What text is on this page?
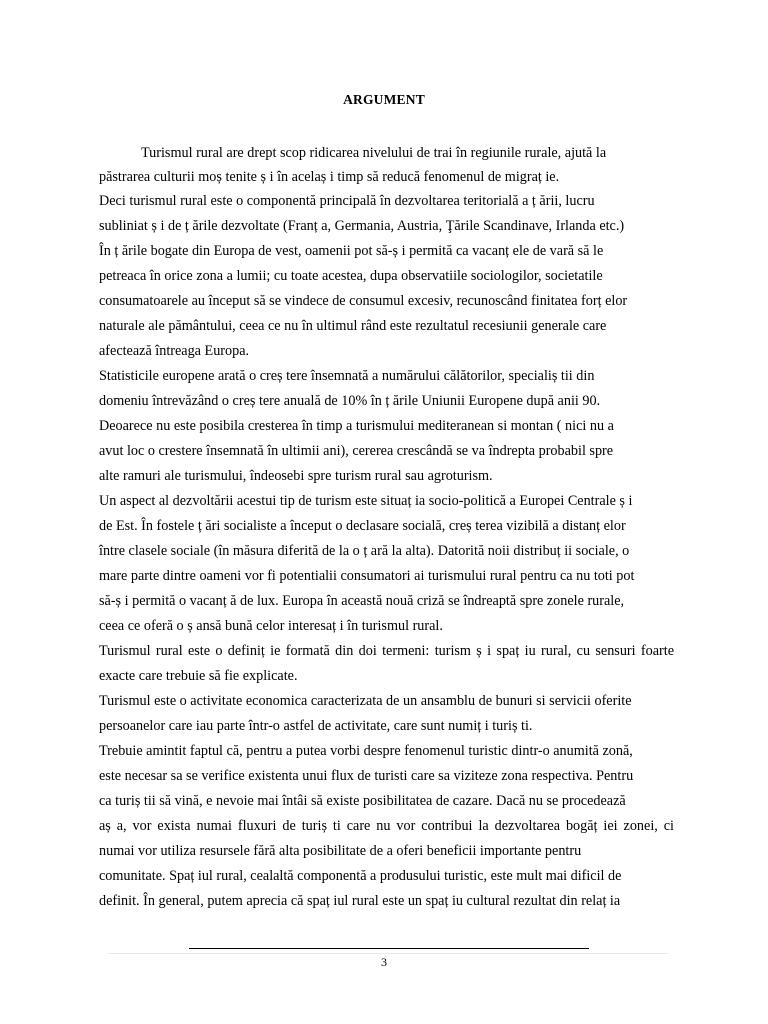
ARGUMENT
Turismul rural are drept scop ridicarea nivelului de trai în regiunile rurale, ajută la
păstrarea culturii moș tenite ș i în acelaș i timp să reducă fenomenul de migraț ie.
Deci turismul rural este o componentă principală în dezvoltarea teritorială a ț ării, lucru
subliniat ș i de ț ările dezvoltate (Franț a, Germania, Austria, Ţările Scandinave, Irlanda etc.)
În ț ările bogate din Europa de vest, oamenii pot să-ș i permită ca vacanț ele de vară să le
petreaca în orice zona a lumii; cu toate acestea, dupa observatiile sociologilor, societatile
consumatoarele au început să se vindece de consumul excesiv, recunoscând finitatea forț elor
naturale ale pământului, ceea ce nu în ultimul rând este rezultatul recesiunii generale care
afectează întreaga Europa.
Statisticile europene arată o creș tere însemnată a numărului călătorilor, specialiș tii din
domeniu întrevăzând o creș tere anuală de 10% în ț ările Uniunii Europene după anii 90.
Deoarece nu este posibila cresterea în timp a turismului mediteranean si montan ( nici nu a
avut loc o crestere însemnată în ultimii ani), cererea crescândă se va îndrepta probabil spre
alte ramuri ale turismului, îndeosebi spre turism rural sau agroturism.
Un aspect al dezvoltării acestui tip de turism este situaț ia socio-politică a Europei Centrale ș i
de Est. În fostele ț ări socialiste a început o declasare socială, creș terea vizibilă a distanț elor
între clasele sociale (în măsura diferită de la o ț ară la alta). Datorită noii distribuț ii sociale, o
mare parte dintre oameni vor fi potentialii consumatori ai turismului rural pentru ca nu toti pot
să-ș i permită o vacanț ă de lux. Europa în această nouă criză se îndreaptă spre zonele rurale,
ceea ce oferă o ș ansă bună celor interesaț i în turismul rural.
Turismul rural este o definiț ie formată din doi termeni: turism ș i spaț iu rural, cu sensuri foarte
exacte care trebuie să fie explicate.
Turismul este o activitate economica caracterizata de un ansamblu de bunuri si servicii oferite
persoanelor care iau parte într-o astfel de activitate, care sunt numiț i turiș ti.
Trebuie amintit faptul că, pentru a putea vorbi despre fenomenul turistic dintr-o anumită zonă,
este necesar sa se verifice existenta unui flux de turisti care sa viziteze zona respectiva. Pentru
ca turiș tii să vină, e nevoie mai întâi să existe posibilitatea de cazare. Dacă nu se procedează
aș a, vor exista numai fluxuri de turiș ti care nu vor contribui la dezvoltarea bogăț iei zonei, ci
numai vor utiliza resursele fără alta posibilitate de a oferi beneficii importante pentru
comunitate. Spaț iul rural, cealaltă componentă a produsului turistic, este mult mai dificil de
definit. În general, putem aprecia că spaț iul rural este un spaț iu cultural rezultat din relaț ia
3
